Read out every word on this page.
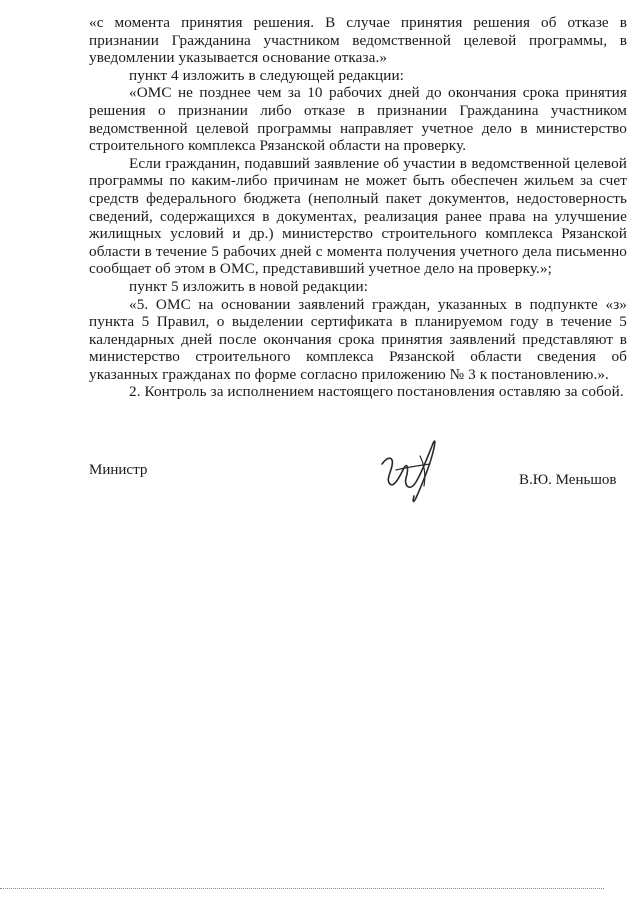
«с момента принятия решения. В случае принятия решения об отказе в признании Гражданина участником ведомственной целевой программы, в уведомлении указывается основание отказа.»

пункт 4 изложить в следующей редакции:

«ОМС не позднее чем за 10 рабочих дней до окончания срока принятия решения о признании либо отказе в признании Гражданина участником ведомственной целевой программы направляет учетное дело в министерство строительного комплекса Рязанской области на проверку.

Если гражданин, подавший заявление об участии в ведомственной целевой программы по каким-либо причинам не может быть обеспечен жильем за счет средств федерального бюджета (неполный пакет документов, недостоверность сведений, содержащихся в документах, реализация ранее права на улучшение жилищных условий и др.) министерство строительного комплекса Рязанской области в течение 5 рабочих дней с момента получения учетного дела письменно сообщает об этом в ОМС, представивший учетное дело на проверку.»;

пункт 5 изложить в новой редакции:

«5. ОМС на основании заявлений граждан, указанных в подпункте «з» пункта 5 Правил, о выделении сертификата в планируемом году в течение 5 календарных дней после окончания срока принятия заявлений представляют в министерство строительного комплекса Рязанской области сведения об указанных гражданах по форме согласно приложению № 3 к постановлению.».

2. Контроль за исполнением настоящего постановления оставляю за собой.

Министр
В.Ю. Меньшов
